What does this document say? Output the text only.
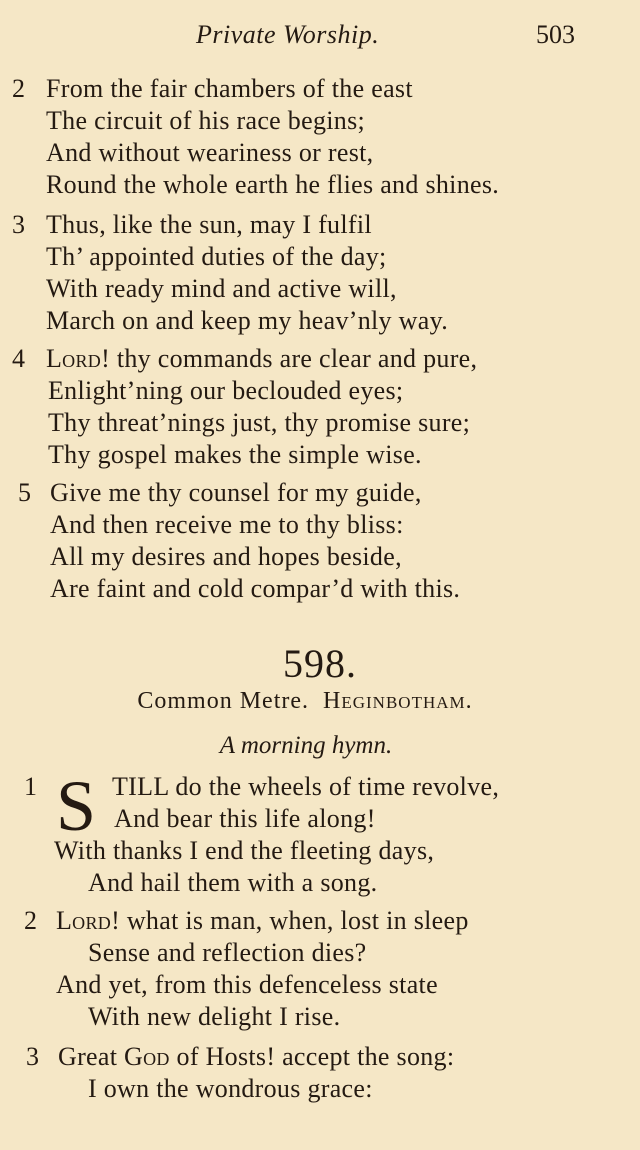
Private Worship.	503
2 From the fair chambers of the east
The circuit of his race begins;
And without weariness or rest,
Round the whole earth he flies and shines.
3 Thus, like the sun, may I fulfil
Th’ appointed duties of the day;
With ready mind and active will,
March on and keep my heav’nly way.
4 Lord! thy commands are clear and pure,
Enlight’ning our beclouded eyes;
Thy threat’nings just, thy promise sure;
Thy gospel makes the simple wise.
5 Give me thy counsel for my guide,
And then receive me to thy bliss:
All my desires and hopes beside,
Are faint and cold compar’d with this.
598.
Common Metre. Heginbotham.
A morning hymn.
1 S TILL do the wheels of time revolve,
And bear this life along!
With thanks I end the fleeting days,
And hail them with a song.
2 Lord! what is man, when, lost in sleep
Sense and reflection dies?
And yet, from this defenceless state
With new delight I rise.
3 Great God of Hosts! accept the song:
I own the wondrous grace:
